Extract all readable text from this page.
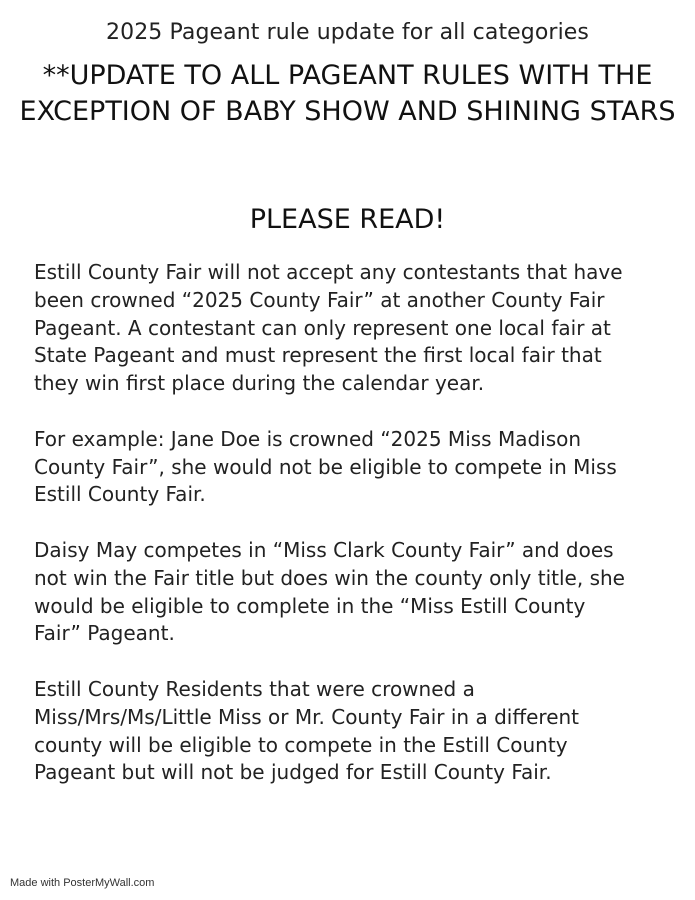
2025 Pageant rule update for all categories
**UPDATE TO ALL PAGEANT RULES WITH THE EXCEPTION OF BABY SHOW AND SHINING STARS
PLEASE READ!

Estill County Fair will not accept any contestants that have
been crowned “2025 County Fair” at another County Fair
Pageant. A contestant can only represent one local fair at
State Pageant and must represent the first local fair that
they win first place during the calendar year.

For example: Jane Doe is crowned “2025 Miss Madison
County Fair”, she would not be eligible to compete in Miss
Estill County Fair.

Daisy May competes in “Miss Clark County Fair” and does
not win the Fair title but does win the county only title, she
would be eligible to complete in the “Miss Estill County
Fair” Pageant.

Estill County Residents that were crowned a
Miss/Mrs/Ms/Little Miss or Mr. County Fair in a different
county will be eligible to compete in the Estill County
Pageant but will not be judged for Estill County Fair.

Made with PosterMyWall.com
